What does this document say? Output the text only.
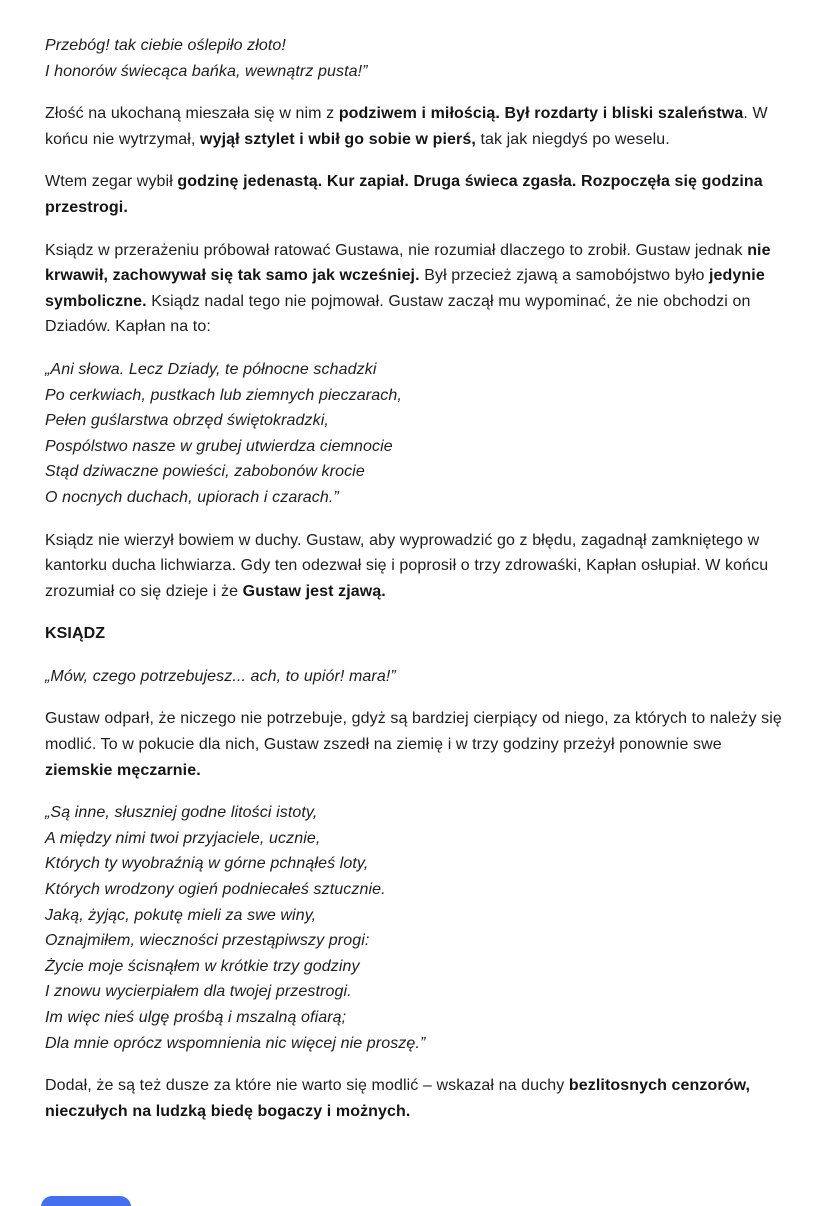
Przebóg! tak ciebie oślepiło złoto!
I honorów świecąca bańka, wewnątrz pusta!”

Złość na ukochaną mieszała się w nim z podziwem i miłością. Był rozdarty i bliski szaleństwa. W końcu nie wytrzymał, wyjął sztylet i wbił go sobie w pierś, tak jak niegdyś po weselu.

Wtem zegar wybił godzinę jedenastą. Kur zapiał. Druga świeca zgasła. Rozpoczęła się godzina przestrogi.

Ksiądz w przerażeniu próbował ratować Gustawa, nie rozumiał dlaczego to zrobił. Gustaw jednak nie krwawił, zachowywał się tak samo jak wcześniej. Był przecież zjawą a samobójstwo było jedynie symboliczne. Ksiądz nadal tego nie pojmował. Gustaw zaczął mu wypominać, że nie obchodzi on Dziadów. Kapłan na to:

„Ani słowa. Lecz Dziady, te północne schadzki
Po cerkwiach, pustkach lub ziemnych pieczarach,
Pełen guślarstwa obrzęd świętokradzki,
Pospólstwo nasze w grubej utwierdza ciemnocie
Stąd dziwaczne powieści, zabobonów krocie
O nocnych duchach, upiorach i czarach.”

Ksiądz nie wierzył bowiem w duchy. Gustaw, aby wyprowadzić go z błędu, zagadnął zamkniętego w kantorku ducha lichwiarza. Gdy ten odezwał się i poprosił o trzy zdrowaśki, Kapłan osłupiał. W końcu zrozumiał co się dzieje i że Gustaw jest zjawą.

KSIĄDZ

„Mów, czego potrzebujesz... ach, to upiór! mara!”

Gustaw odparł, że niczego nie potrzebuje, gdyż są bardziej cierpiący od niego, za których to należy się modlić. To w pokucie dla nich, Gustaw zszedł na ziemię i w trzy godziny przeżył ponownie swe ziemskie męczarnie.

„Są inne, słuszniej godne litości istoty,
A między nimi twoi przyjaciele, ucznie,
Których ty wyobraźnią w górne pchnąłeś loty,
Których wrodzony ogień podniecałeś sztucznie.
Jaką, żyjąc, pokutę mieli za swe winy,
Oznajmiłem, wieczności przestąpiwszy progi:
Życie moje ścisnąłem w krótkie trzy godziny
I znowu wycierpiałem dla twojej przestrogi.
Im więc nieś ulgę prośbą i mszalną ofiarą;
Dla mnie oprócz wspomnienia nic więcej nie proszę.”

Dodał, że są też dusze za które nie warto się modlić – wskazał na duchy bezlitosnych cenzorów, nieczułych na ludzką biedę bogaczy i możnych.
